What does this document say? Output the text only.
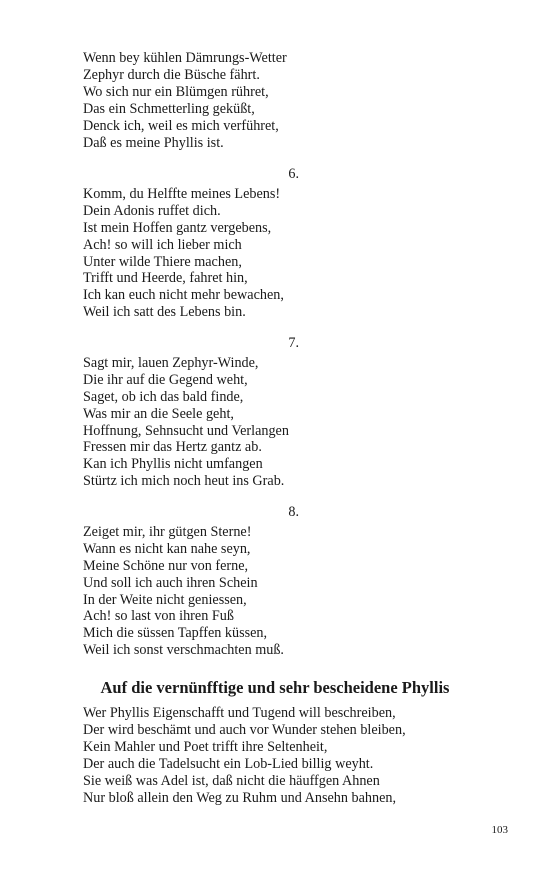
Wenn bey kühlen Dämrungs-Wetter
Zephyr durch die Büsche fährt.
Wo sich nur ein Blümgen rühret,
Das ein Schmetterling geküßt,
Denck ich, weil es mich verführet,
Daß es meine Phyllis ist.
6.
Komm, du Helffte meines Lebens!
Dein Adonis ruffet dich.
Ist mein Hoffen gantz vergebens,
Ach! so will ich lieber mich
Unter wilde Thiere machen,
Trifft und Heerde, fahret hin,
Ich kan euch nicht mehr bewachen,
Weil ich satt des Lebens bin.
7.
Sagt mir, lauen Zephyr-Winde,
Die ihr auf die Gegend weht,
Saget, ob ich das bald finde,
Was mir an die Seele geht,
Hoffnung, Sehnsucht und Verlangen
Fressen mir das Hertz gantz ab.
Kan ich Phyllis nicht umfangen
Stürtz ich mich noch heut ins Grab.
8.
Zeiget mir, ihr gütgen Sterne!
Wann es nicht kan nahe seyn,
Meine Schöne nur von ferne,
Und soll ich auch ihren Schein
In der Weite nicht geniessen,
Ach! so last von ihren Fuß
Mich die süssen Tapffen küssen,
Weil ich sonst verschmachten muß.
Auf die vernünfftige und sehr bescheidene Phyllis
Wer Phyllis Eigenschafft und Tugend will beschreiben,
Der wird beschämt und auch vor Wunder stehen bleiben,
Kein Mahler und Poet trifft ihre Seltenheit,
Der auch die Tadelsucht ein Lob-Lied billig weyht.
Sie weiß was Adel ist, daß nicht die häuffgen Ahnen
Nur bloß allein den Weg zu Ruhm und Ansehn bahnen,
103
